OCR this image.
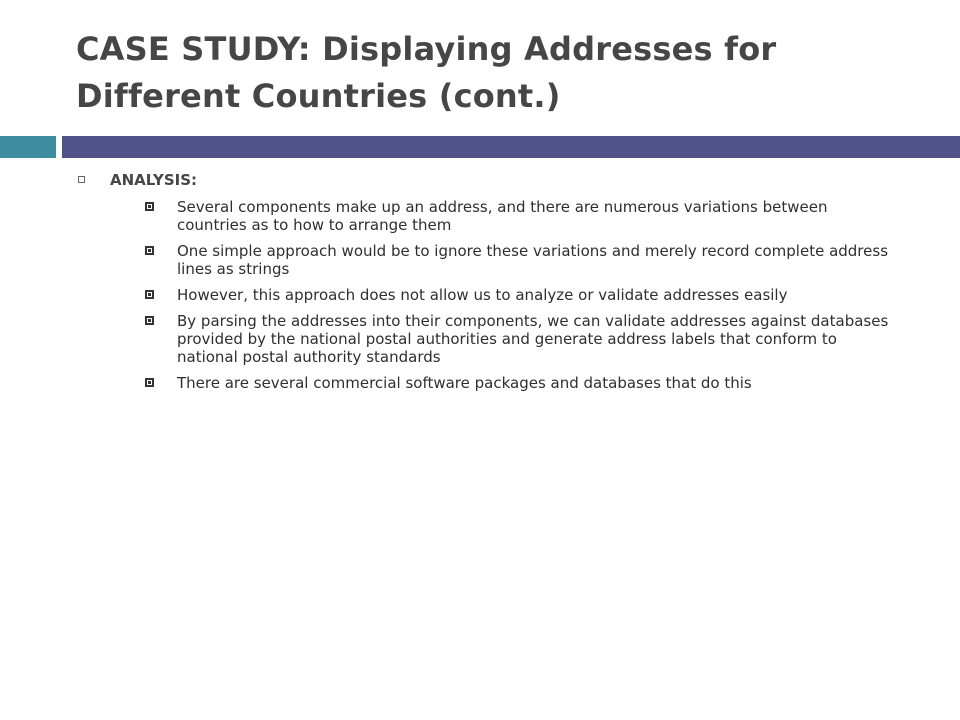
CASE STUDY: Displaying Addresses for Different Countries (cont.)
ANALYSIS:
Several components make up an address, and there are numerous variations between countries as to how to arrange them
One simple approach would be to ignore these variations and merely record complete address lines as strings
However, this approach does not allow us to analyze or validate addresses easily
By parsing the addresses into their components, we can validate addresses against databases provided by the national postal authorities and generate address labels that conform to national postal authority standards
There are several commercial software packages and databases that do this
